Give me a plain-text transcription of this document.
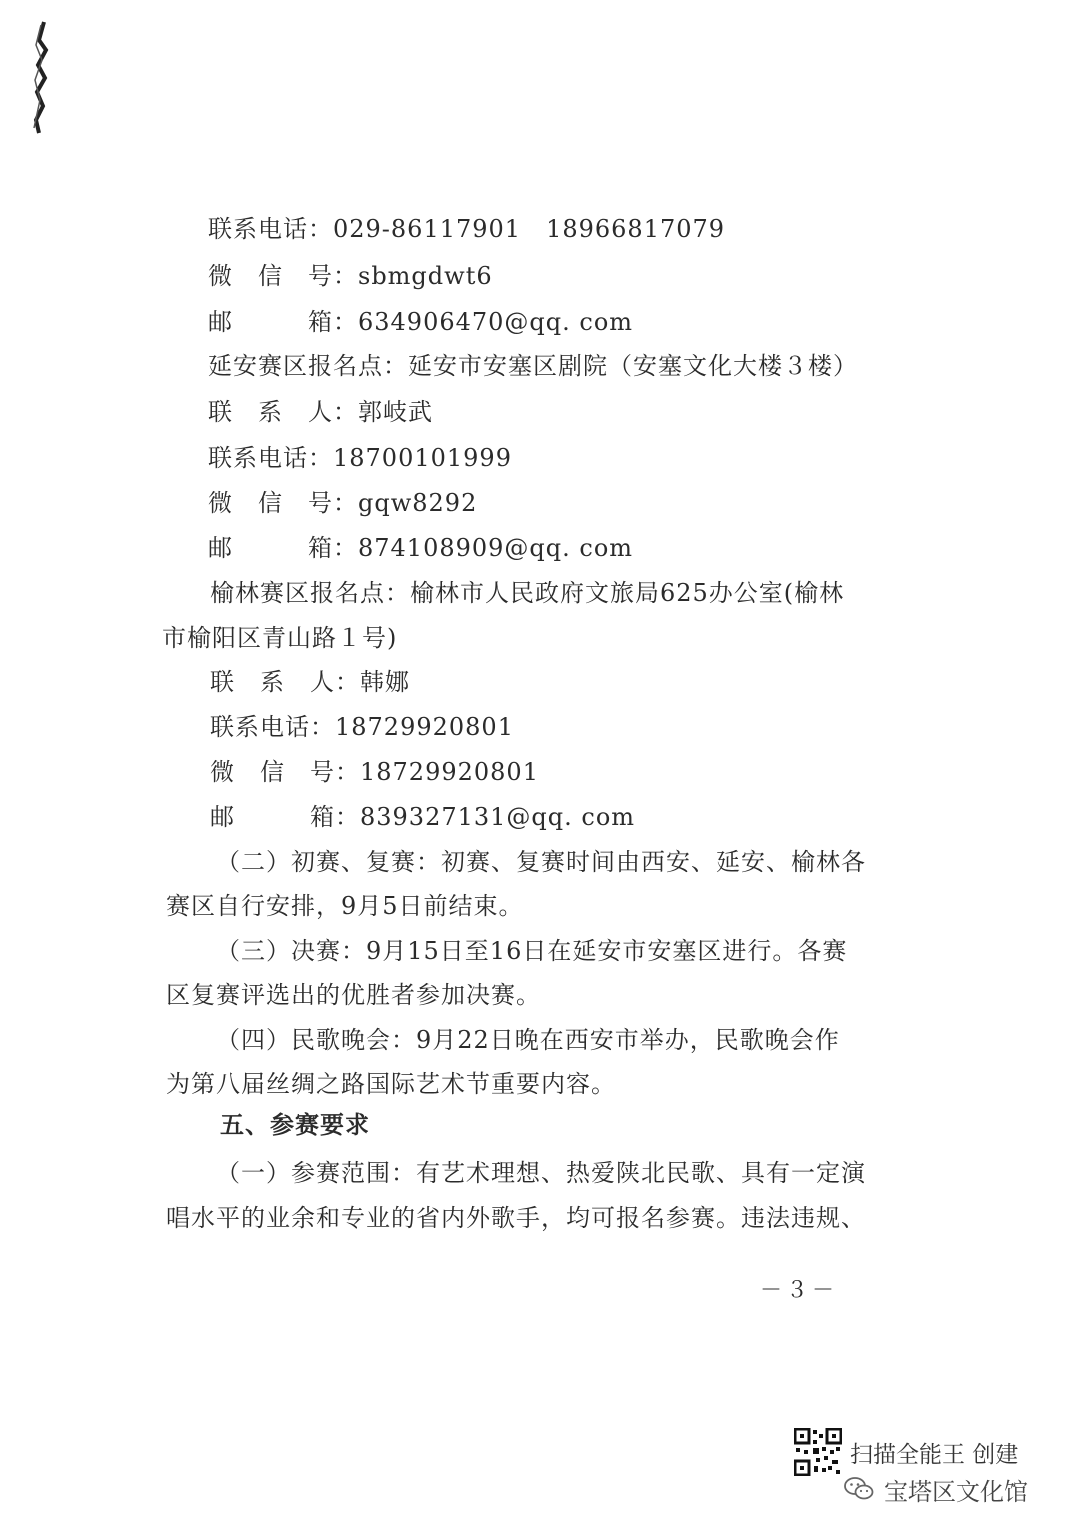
联系电话：029-86117901　18966817079
微　信　号：sbmgdwt6
邮　　　箱：634906470@qq. com
延安赛区报名点：延安市安塞区剧院（安塞文化大楼３楼）
联　系　人：郭岐武
联系电话：18700101999
微　信　号：gqw8292
邮　　　箱：874108909@qq. com
榆林赛区报名点：榆林市人民政府文旅局625办公室(榆林
市榆阳区青山路１号)
联　系　人：韩娜
联系电话：18729920801
微　信　号：18729920801
邮　　　箱：839327131@qq. com
（二）初赛、复赛：初赛、复赛时间由西安、延安、榆林各
赛区自行安排，9月5日前结束。
（三）决赛：9月15日至16日在延安市安塞区进行。各赛
区复赛评选出的优胜者参加决赛。
（四）民歌晚会：9月22日晚在西安市举办，民歌晚会作
为第八届丝绸之路国际艺术节重要内容。
五、参赛要求
（一）参赛范围：有艺术理想、热爱陕北民歌、具有一定演
唱水平的业余和专业的省内外歌手，均可报名参赛。违法违规、
－３－
扫描全能王 创建
宝塔区文化馆
